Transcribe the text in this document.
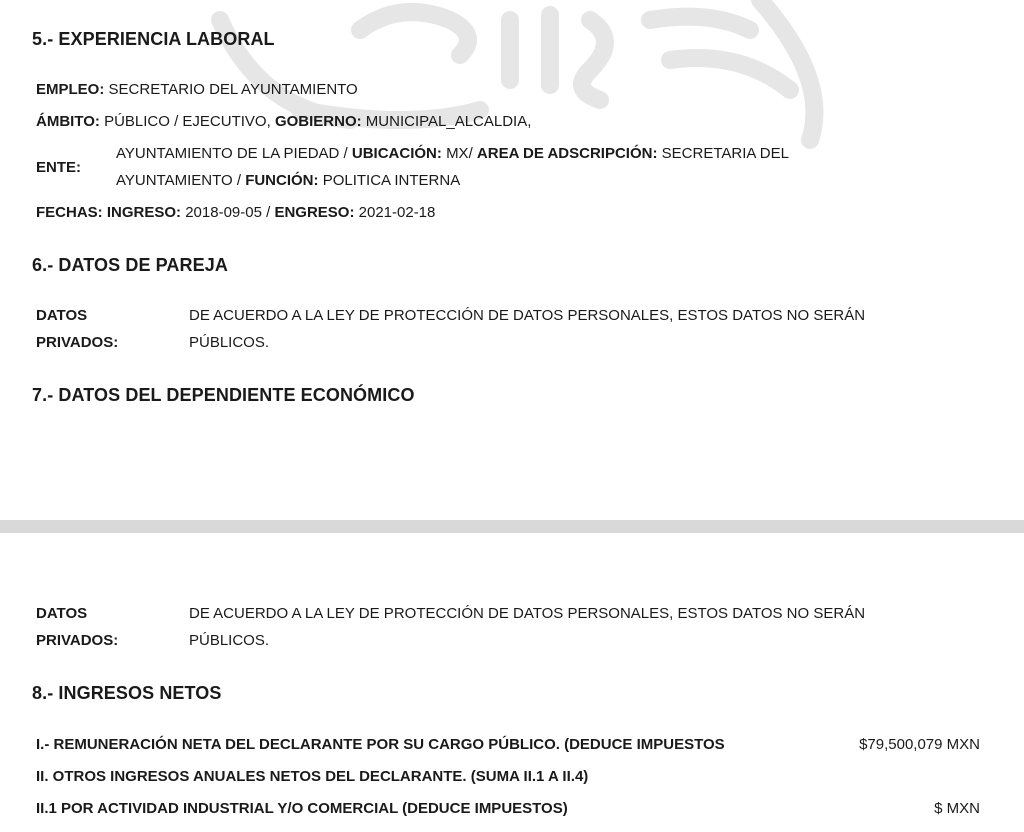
5.- EXPERIENCIA LABORAL
EMPLEO: SECRETARIO DEL AYUNTAMIENTO
ÁMBITO: PÚBLICO / EJECUTIVO, GOBIERNO: MUNICIPAL_ALCALDIA,
ENTE:
AYUNTAMIENTO DE LA PIEDAD / UBICACIÓN: MX/ AREA DE ADSCRIPCIÓN: SECRETARIA DEL
AYUNTAMIENTO / FUNCIÓN: POLITICA INTERNA
FECHAS: INGRESO: 2018-09-05 / ENGRESO: 2021-02-18
6.- DATOS DE PAREJA
DATOS
PRIVADOS:
DE ACUERDO A LA LEY DE PROTECCIÓN DE DATOS PERSONALES, ESTOS DATOS NO SERÁN
PÚBLICOS.
7.- DATOS DEL DEPENDIENTE ECONÓMICO
DATOS
PRIVADOS:
DE ACUERDO A LA LEY DE PROTECCIÓN DE DATOS PERSONALES, ESTOS DATOS NO SERÁN
PÚBLICOS.
8.- INGRESOS NETOS
I.- REMUNERACIÓN NETA DEL DECLARANTE POR SU CARGO PÚBLICO. (DEDUCE IMPUESTOS	$79,500,079 MXN
II. OTROS INGRESOS ANUALES NETOS DEL DECLARANTE. (SUMA II.1 A II.4)
II.1 POR ACTIVIDAD INDUSTRIAL Y/O COMERCIAL (DEDUCE IMPUESTOS)	$ MXN
